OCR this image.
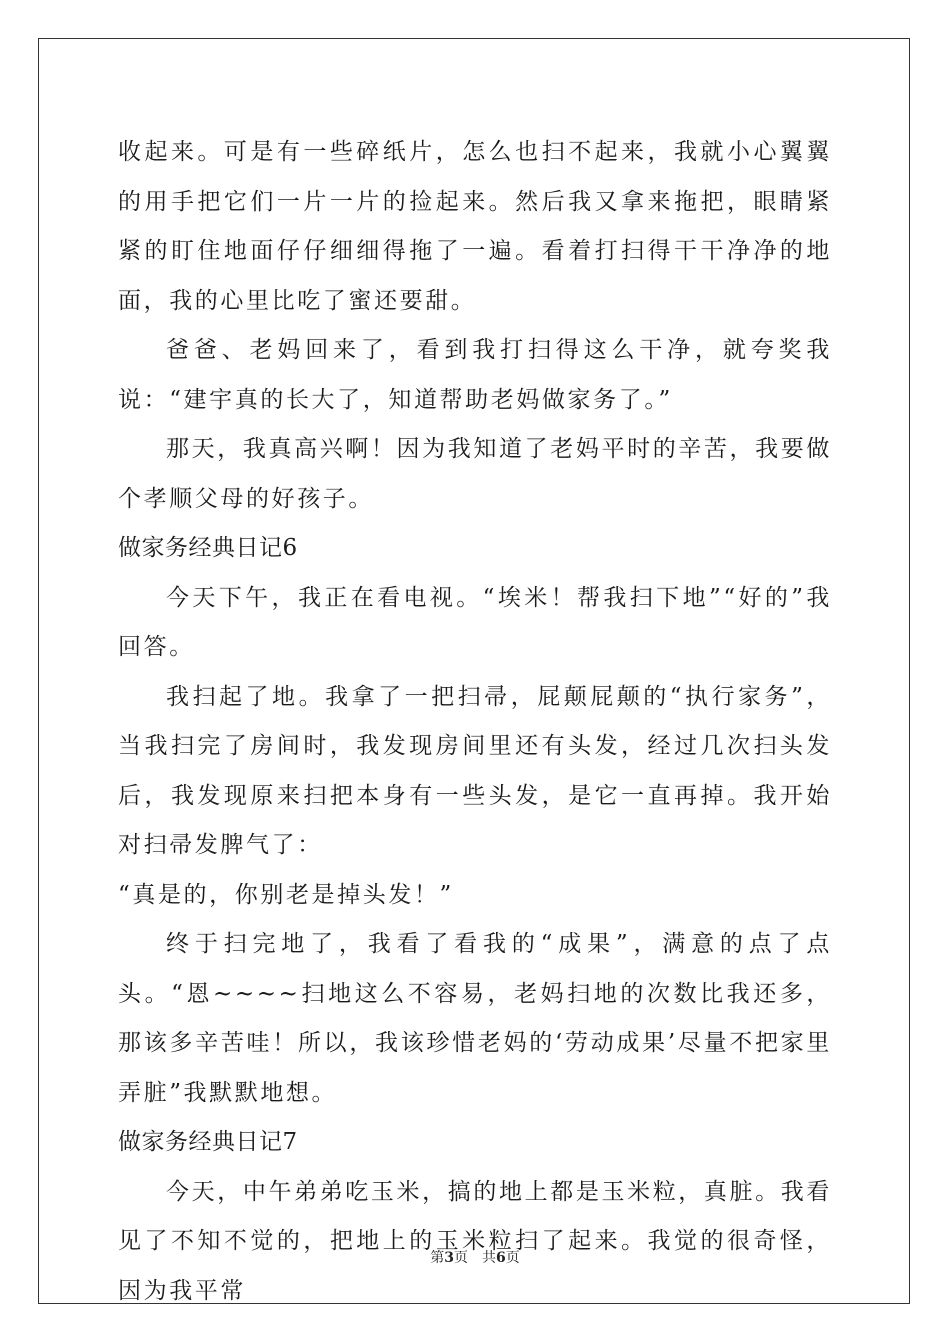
收起来。可是有一些碎纸片，怎么也扫不起来，我就小心翼翼的用手把它们一片一片的捡起来。然后我又拿来拖把，眼睛紧紧的盯住地面仔仔细细得拖了一遍。看着打扫得干干净净的地面，我的心里比吃了蜜还要甜。

爸爸、老妈回来了，看到我打扫得这么干净，就夸奖我说：“建宇真的长大了，知道帮助老妈做家务了。”

那天，我真高兴啊！因为我知道了老妈平时的辛苦，我要做个孝顺父母的好孩子。

做家务经典日记6

今天下午，我正在看电视。“埃米！帮我扫下地”“好的”我回答。

我扫起了地。我拿了一把扫帚，屁颠屁颠的“执行家务”，当我扫完了房间时，我发现房间里还有头发，经过几次扫头发后，我发现原来扫把本身有一些头发，是它一直再掉。我开始对扫帚发脾气了：

“真是的，你别老是掉头发！”

终于扫完地了，我看了看我的“成果”，满意的点了点头。“恩~~~~扫地这么不容易，老妈扫地的次数比我还多，那该多辛苦哇！所以，我该珍惜老妈的‘劳动成果’尽量不把家里弄脏”我默默地想。

做家务经典日记7

今天，中午弟弟吃玉米，搞的地上都是玉米粒，真脏。我看见了不知不觉的，把地上的玉米粒扫了起来。我觉的很奇怪，因为我平常

第3页 共6页
